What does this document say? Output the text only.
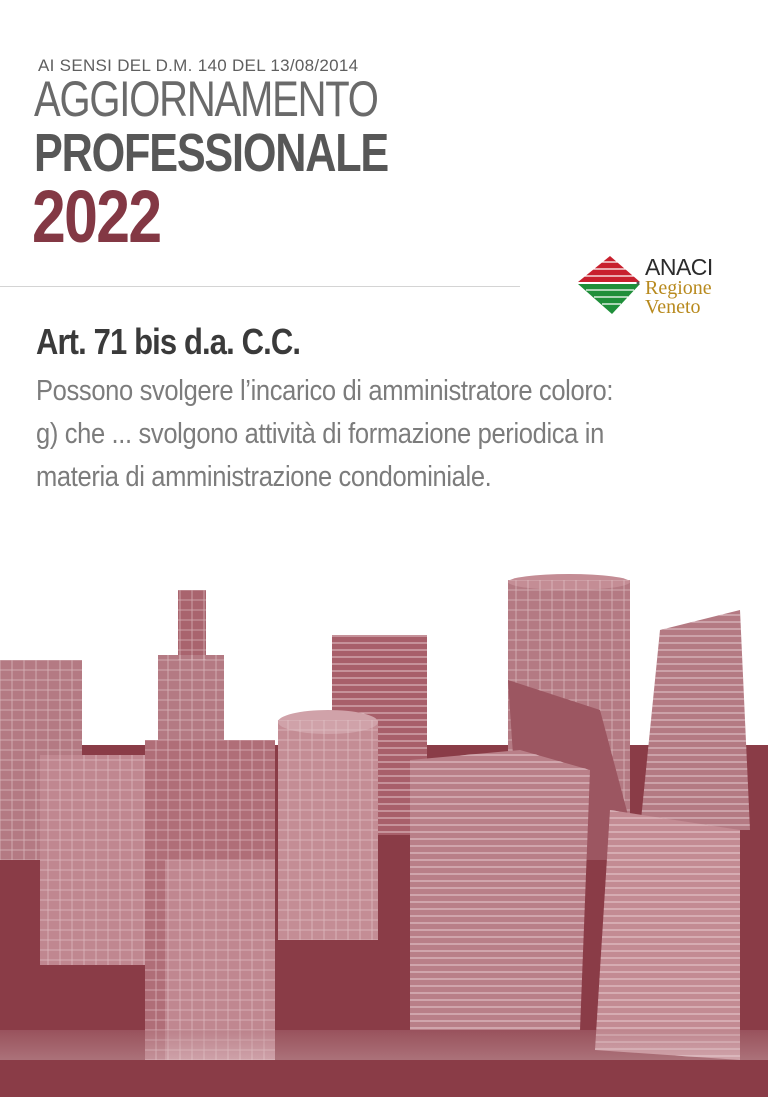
AI SENSI DEL D.M. 140 DEL 13/08/2014
AGGIORNAMENTO
PROFESSIONALE
2022
ANACI
Regione
Veneto
Art. 71 bis d.a. C.C.
Possono svolgere l’incarico di amministratore coloro:
g) che ... svolgono attività di formazione periodica in
materia di amministrazione condominiale.
